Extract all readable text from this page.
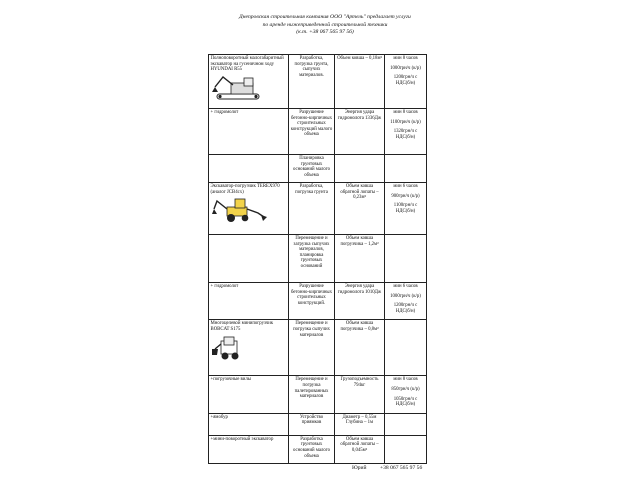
Днепровская строительная компания ООО "Артель" предлагает услуги
по аренде нижеприведенной строительной техники
(к.т. +38 067 565 97 56)
Полноповоротный малогабаритный экскаватор на гусеничном ходу HYUNDAI R55	Разработка, погрузка грунта, сыпучих материалов.	Объем ковша – 0,18м³	мин 8 часов

1000грн/ч (к/р)

1200грн/ч с НДС(б/н)

+ гидромолот	Разрушение бетонно-кирпичных строительных конструкций малого объема	Энергия удара гидромолота 1336Дж	мин 8 часов

1100грн/ч (к/р)

1320грн/ч с НДС(б/н)

	Планировка грунтовых оснований малого объема		

Экскаватор-погрузчик TEREX970 (аналог JCB4cx)	Разработка, погрузка грунта	Объем ковша обратной лопаты – 0,23м³	мин 6 часов

900грн/ч (к/р)

1100грн/ч с НДС(б/н)

	Перемещение и загрузка сыпучих материалов, планировка грунтовых оснований	Объем ковша погрузчика – 1,2м³	
+ гидромолот	Разрушение бетонно-кирпичных строительных конструкций.	Энергия удара гидромолота 1010Дж	мин 6 часов

1000грн/ч (к/р)

1200грн/ч с НДС(б/н)

Многоцелевой минипогрузчик BOBCAT S175	Перемещение и погрузка сыпучих материалов	Объем ковша погрузчика – 0,8м³	
+погрузочные вилы	Перемещение и погрузка палетированных материалов	Грузоподъемность 794кг	мин 8 часов

850грн/ч (к/р)

1050грн/ч с НДС(б/н)

+ямобур	Устройство приямков	Диаметр – 0,55м Глубина – 1м	
+мини-поворотный экскаватор	Разработка грунтовых оснований малого объема	Объем ковша обратной лопаты – 0,045м³	
Юрий +38 067 565 97 56
